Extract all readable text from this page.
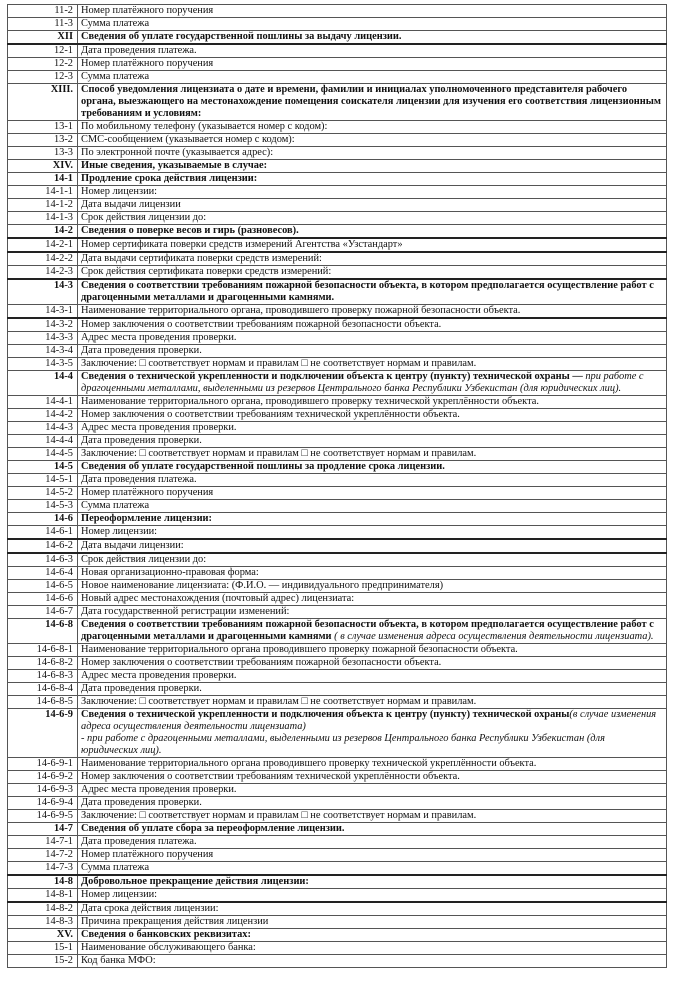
11-2	Номер платёжного поручения
11-3	Сумма платежа
XII	Сведения об уплате государственной пошлины за выдачу лицензии.
12-1	Дата проведения платежа.
12-2	Номер платёжного поручения
12-3	Сумма платежа
XIII.	Способ уведомления лицензиата о дате и времени, фамилии и инициалах уполномоченного представителя рабочего органа, выезжающего на местонахождение помещения соискателя лицензии для изучения его соответствия лицензионным требованиям и условиям:
13-1	По мобильному телефону (указывается номер с кодом):
13-2	СМС-сообщением (указывается номер с кодом):
13-3	По электронной почте (указывается адрес):
XIV.	Иные сведения, указываемые в случае:
14-1	Продление срока действия лицензии:
14-1-1	Номер лицензии:
14-1-2	Дата выдачи лицензии
14-1-3	Срок действия лицензии до:
14-2	Сведения о поверке весов и гирь (разновесов).
14-2-1	Номер сертификата поверки средств измерений Агентства «Узстандарт»
14-2-2	Дата выдачи сертификата поверки средств измерений:
14-2-3	Срок действия сертификата поверки средств измерений:
14-3	Сведения о соответствии требованиям пожарной безопасности объекта, в котором предполагается осуществление работ с драгоценными металлами и драгоценными камнями.
14-3-1	Наименование территориального органа, проводившего проверку пожарной безопасности объекта.
14-3-2	Номер заключения о соответствии требованиям пожарной безопасности объекта.
14-3-3	Адрес места проведения проверки.
14-3-4	Дата проведения проверки.
14-3-5	Заключение: □ соответствует нормам и правилам □ не соответствует нормам и правилам.
14-4	Сведения о технической укрепленности и подключении объекта к центру (пункту) технической охраны — при работе с драгоценными металлами, выделенными из резервов Центрального банка Республики Узбекистан (для юридических лиц).
14-4-1	Наименование территориального органа, проводившего проверку технической укреплённости объекта.
14-4-2	Номер заключения о соответствии требованиям технической укреплённости объекта.
14-4-3	Адрес места проведения проверки.
14-4-4	Дата проведения проверки.
14-4-5	Заключение: □ соответствует нормам и правилам □ не соответствует нормам и правилам.
14-5	Сведения об уплате государственной пошлины за продление срока лицензии.
14-5-1	Дата проведения платежа.
14-5-2	Номер платёжного поручения
14-5-3	Сумма платежа
14-6	Переоформление лицензии:
14-6-1	Номер лицензии:
14-6-2	Дата выдачи лицензии:
14-6-3	Срок действия лицензии до:
14-6-4	Новая организационно-правовая форма:
14-6-5	Новое наименование лицензиата: (Ф.И.О. — индивидуального предпринимателя)
14-6-6	Новый адрес местонахождения (почтовый адрес) лицензиата:
14-6-7	Дата государственной регистрации изменений:
14-6-8	Сведения о соответствии требованиям пожарной безопасности объекта, в котором предполагается осуществление работ с драгоценными металлами и драгоценными камнями ( в случае изменения адреса осуществления деятельности лицензиата).
14-6-8-1	Наименование территориального органа проводившего проверку пожарной безопасности объекта.
14-6-8-2	Номер заключения о соответствии требованиям пожарной безопасности объекта.
14-6-8-3	Адрес места проведения проверки.
14-6-8-4	Дата проведения проверки.
14-6-8-5	Заключение: □ соответствует нормам и правилам □ не соответствует нормам и правилам.
14-6-9	Сведения о технической укрепленности и подключения объекта к центру (пункту) технической охраны(в случае изменения адреса осуществления деятельности лицензиата)
- при работе с драгоценными металлами, выделенными из резервов Центрального банка Республики Узбекистан (для юридических лиц).
14-6-9-1	Наименование территориального органа проводившего проверку технической укреплённости объекта.
14-6-9-2	Номер заключения о соответствии требованиям технической укреплённости объекта.
14-6-9-3	Адрес места проведения проверки.
14-6-9-4	Дата проведения проверки.
14-6-9-5	Заключение: □ соответствует нормам и правилам □ не соответствует нормам и правилам.
14-7	Сведения об уплате сбора за переоформление лицензии.
14-7-1	Дата проведения платежа.
14-7-2	Номер платёжного поручения
14-7-3	Сумма платежа
14-8	Добровольное прекращение действия лицензии:
14-8-1	Номер лицензии:
14-8-2	Дата срока действия лицензии:
14-8-3	Причина прекращения действия лицензии
XV.	Сведения о банковских реквизитах:
15-1	Наименование обслуживающего банка:
15-2	Код банка МФО:
